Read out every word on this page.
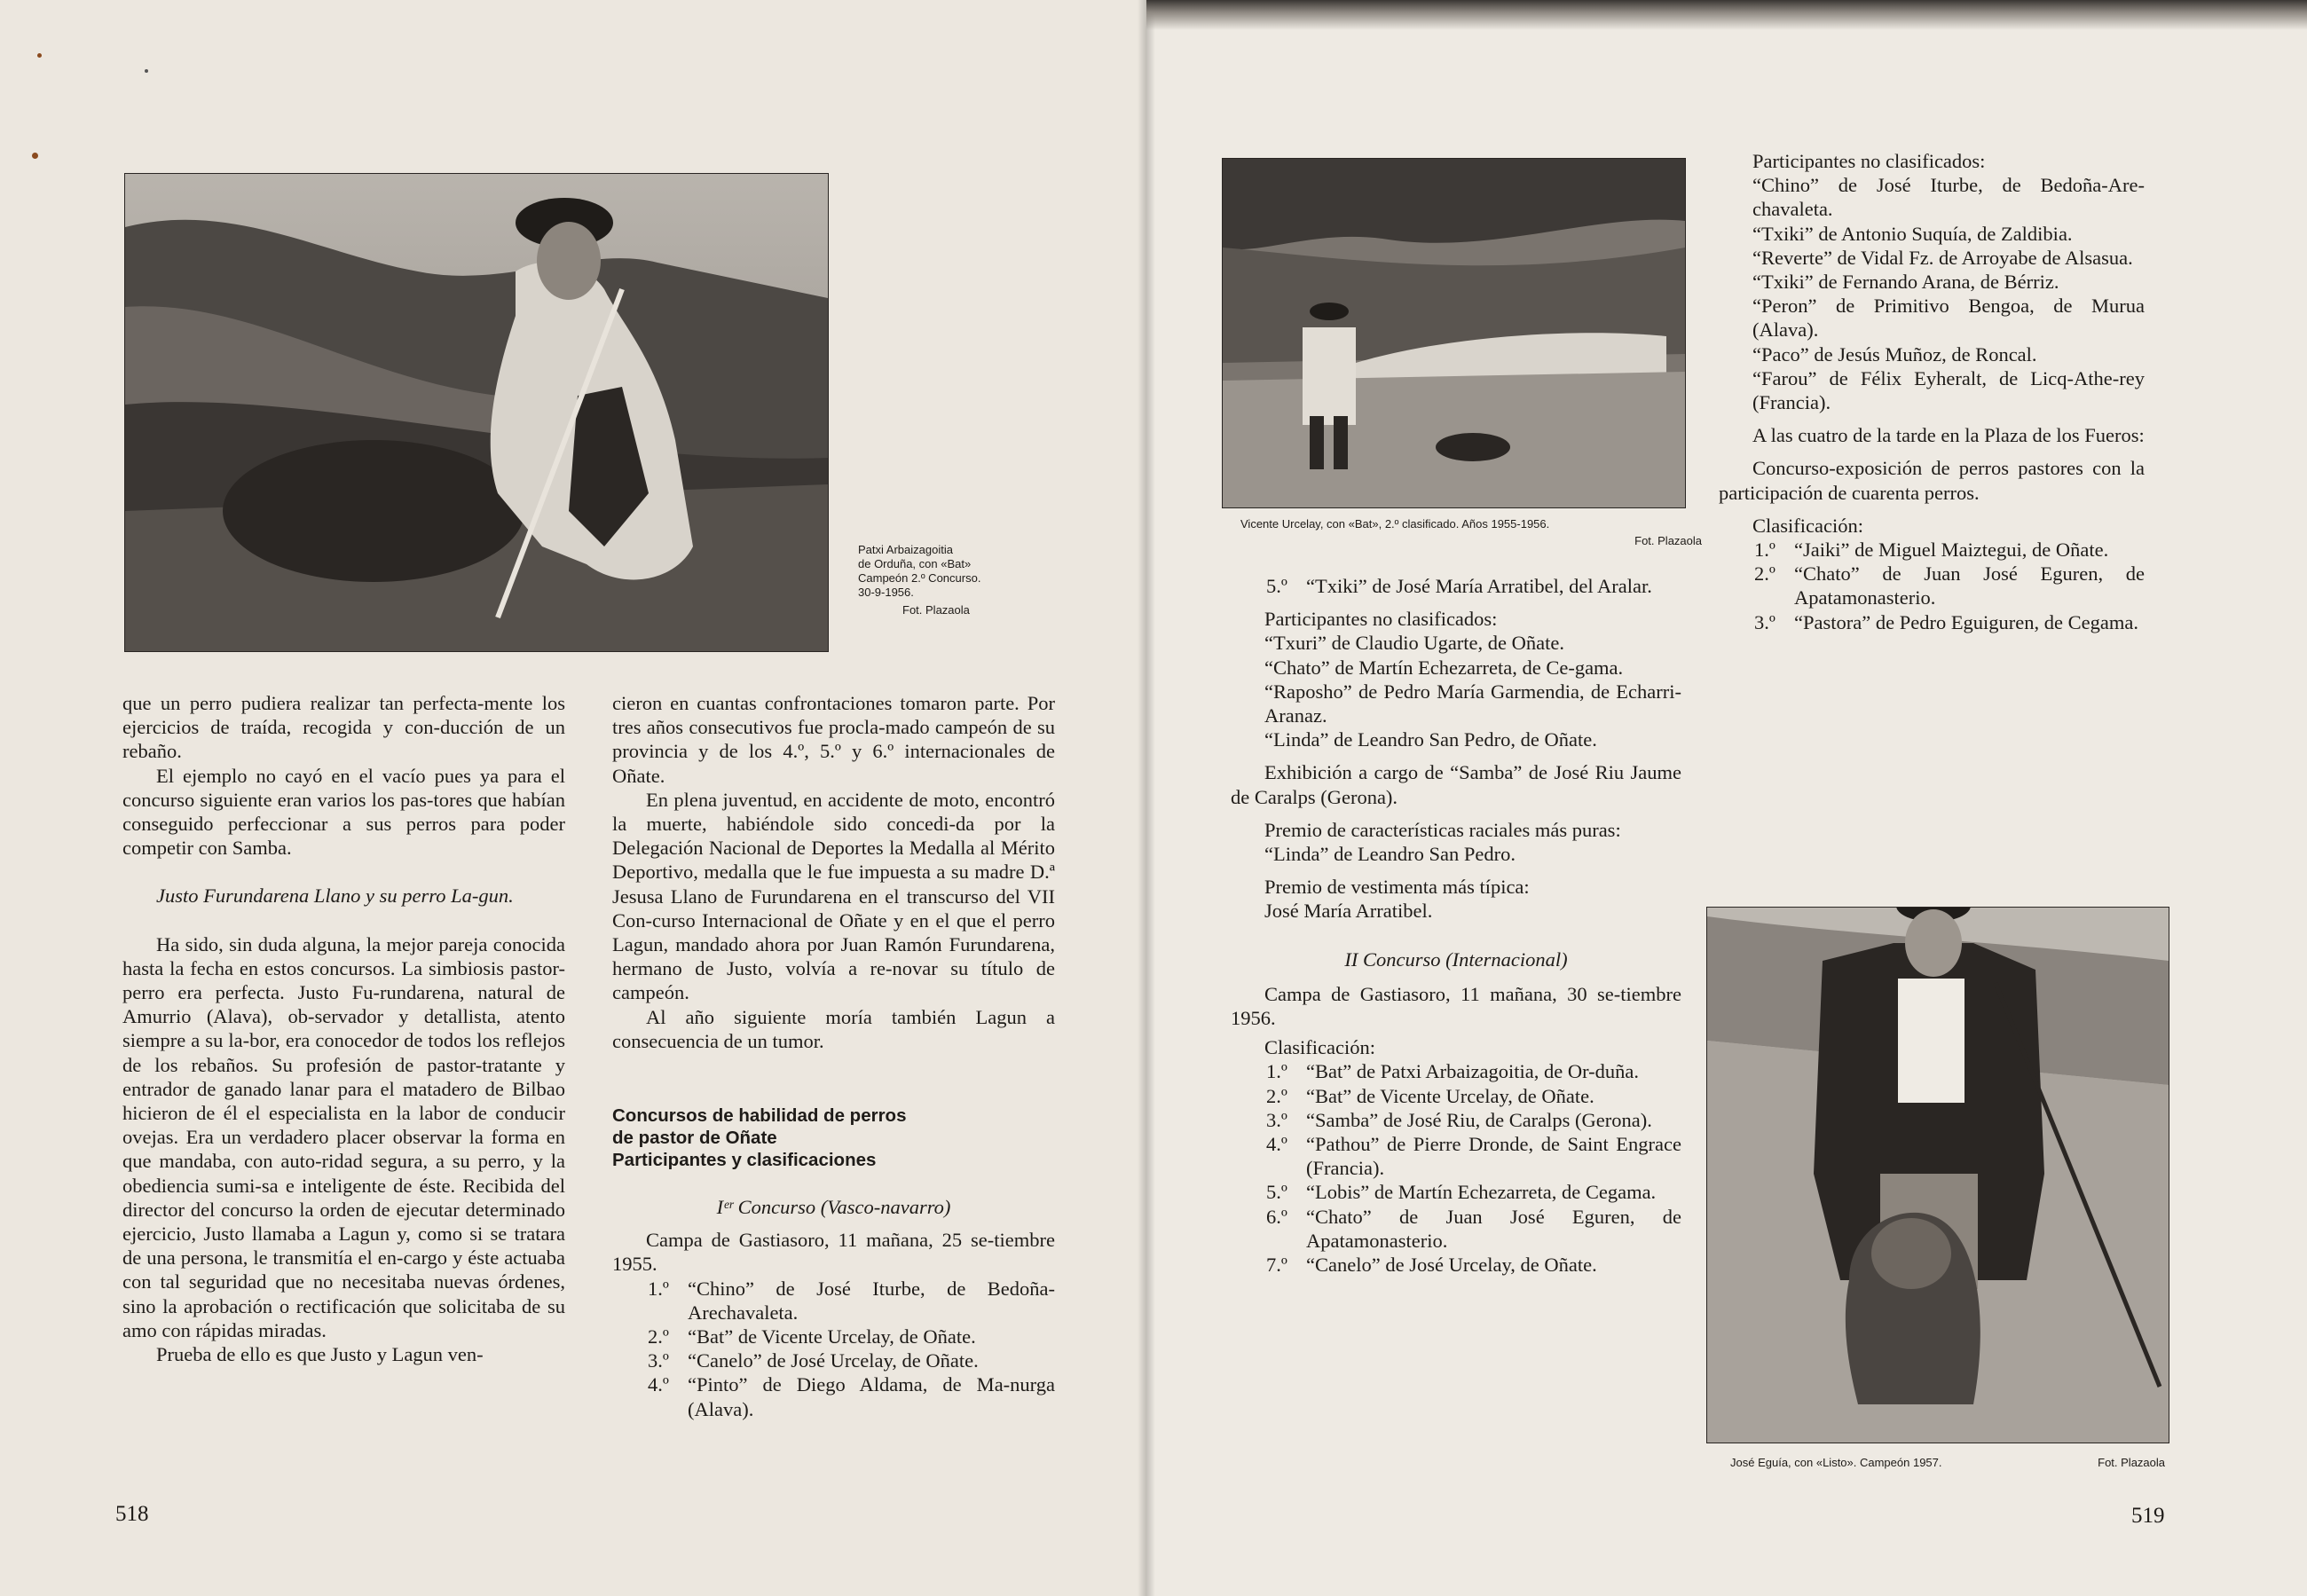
Patxi Arbaizagoitia
de Orduña, con «Bat»
Campeón 2.º Concurso.
30-9-1956.
Fot. Plazaola

que un perro pudiera realizar tan perfecta-mente los ejercicios de traída, recogida y con-ducción de un rebaño.

El ejemplo no cayó en el vacío pues ya para el concurso siguiente eran varios los pas-tores que habían conseguido perfeccionar a sus perros para poder competir con Samba.

Justo Furundarena Llano y su perro La-gun.

Ha sido, sin duda alguna, la mejor pareja conocida hasta la fecha en estos concursos. La simbiosis pastor-perro era perfecta. Justo Fu-rundarena, natural de Amurrio (Alava), ob-servador y detallista, atento siempre a su la-bor, era conocedor de todos los reflejos de los rebaños. Su profesión de pastor-tratante y entrador de ganado lanar para el matadero de Bilbao hicieron de él el especialista en la labor de conducir ovejas. Era un verdadero placer observar la forma en que mandaba, con auto-ridad segura, a su perro, y la obediencia sumi-sa e inteligente de éste. Recibida del director del concurso la orden de ejecutar determinado ejercicio, Justo llamaba a Lagun y, como si se tratara de una persona, le transmitía el en-cargo y éste actuaba con tal seguridad que no necesitaba nuevas órdenes, sino la aprobación o rectificación que solicitaba de su amo con rápidas miradas.

Prueba de ello es que Justo y Lagun ven-

cieron en cuantas confrontaciones tomaron parte. Por tres años consecutivos fue procla-mado campeón de su provincia y de los 4.º, 5.º y 6.º internacionales de Oñate.

En plena juventud, en accidente de moto, encontró la muerte, habiéndole sido concedi-da por la Delegación Nacional de Deportes la Medalla al Mérito Deportivo, medalla que le fue impuesta a su madre D.ª Jesusa Llano de Furundarena en el transcurso del VII Con-curso Internacional de Oñate y en el que el perro Lagun, mandado ahora por Juan Ramón Furundarena, hermano de Justo, volvía a re-novar su título de campeón.

Al año siguiente moría también Lagun a consecuencia de un tumor.

Concursos de habilidad de perros

de pastor de Oñate

Participantes y clasificaciones

Iᵉʳ Concurso (Vasco-navarro)

Campa de Gastiasoro, 11 mañana, 25 se-tiembre 1955.

1.º “Chino” de José Iturbe, de Bedoña-Arechavaleta.
2.º “Bat” de Vicente Urcelay, de Oñate.
3.º “Canelo” de José Urcelay, de Oñate.
4.º “Pinto” de Diego Aldama, de Ma-nurga (Alava).
518
Vicente Urcelay, con «Bat», 2.º clasificado. Años 1955-1956.
Fot. Plazaola
5.º “Txiki” de José María Arratibel, del Aralar.

Participantes no clasificados:

“Txuri” de Claudio Ugarte, de Oñate.

“Chato” de Martín Echezarreta, de Ce-gama.

“Raposho” de Pedro María Garmendia, de Echarri-Aranaz.

“Linda” de Leandro San Pedro, de Oñate.

Exhibición a cargo de “Samba” de José Riu Jaume de Caralps (Gerona).

Premio de características raciales más puras:

“Linda” de Leandro San Pedro.

Premio de vestimenta más típica:

José María Arratibel.

II Concurso (Internacional)

Campa de Gastiasoro, 11 mañana, 30 se-tiembre 1956.

Clasificación:

1.º “Bat” de Patxi Arbaizagoitia, de Or-duña.
2.º “Bat” de Vicente Urcelay, de Oñate.
3.º “Samba” de José Riu, de Caralps (Gerona).
4.º “Pathou” de Pierre Dronde, de Saint Engrace (Francia).
5.º “Lobis” de Martín Echezarreta, de Cegama.
6.º “Chato” de Juan José Eguren, de Apatamonasterio.
7.º “Canelo” de José Urcelay, de Oñate.

Participantes no clasificados:

“Chino” de José Iturbe, de Bedoña-Are-chavaleta.

“Txiki” de Antonio Suquía, de Zaldibia.

“Reverte” de Vidal Fz. de Arroyabe de Alsasua.

“Txiki” de Fernando Arana, de Bérriz.

“Peron” de Primitivo Bengoa, de Murua (Alava).

“Paco” de Jesús Muñoz, de Roncal.

“Farou” de Félix Eyheralt, de Licq-Athe-rey (Francia).

A las cuatro de la tarde en la Plaza de los Fueros:

Concurso-exposición de perros pastores con la participación de cuarenta perros.

Clasificación:

1.º “Jaiki” de Miguel Maiztegui, de Oñate.
2.º “Chato” de Juan José Eguren, de Apatamonasterio.
3.º “Pastora” de Pedro Eguiguren, de Cegama.
José Eguía, con «Listo». Campeón 1957.	Fot. Plazaola
519
